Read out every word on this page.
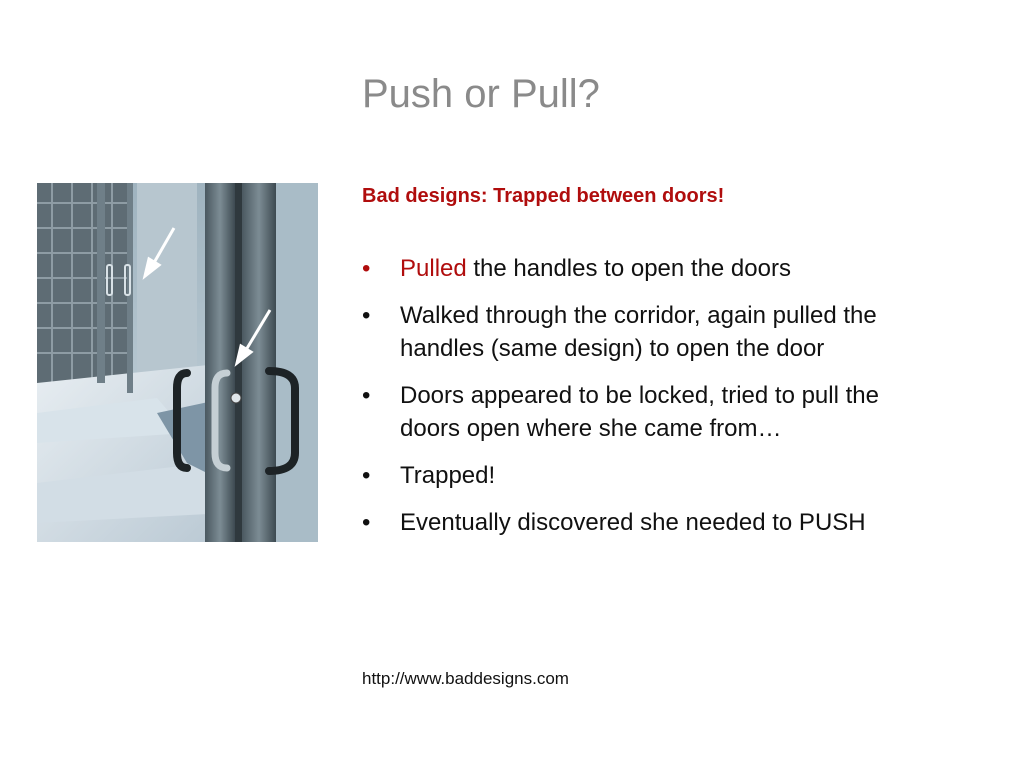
Push or Pull?
Bad designs: Trapped between doors!
• Pulled the handles to open the doors
• Walked through the corridor, again pulled the handles (same design) to open the door
• Doors appeared to be locked, tried to pull the doors open where she came from…
• Trapped!
• Eventually discovered she needed to PUSH
http://www.baddesigns.com
